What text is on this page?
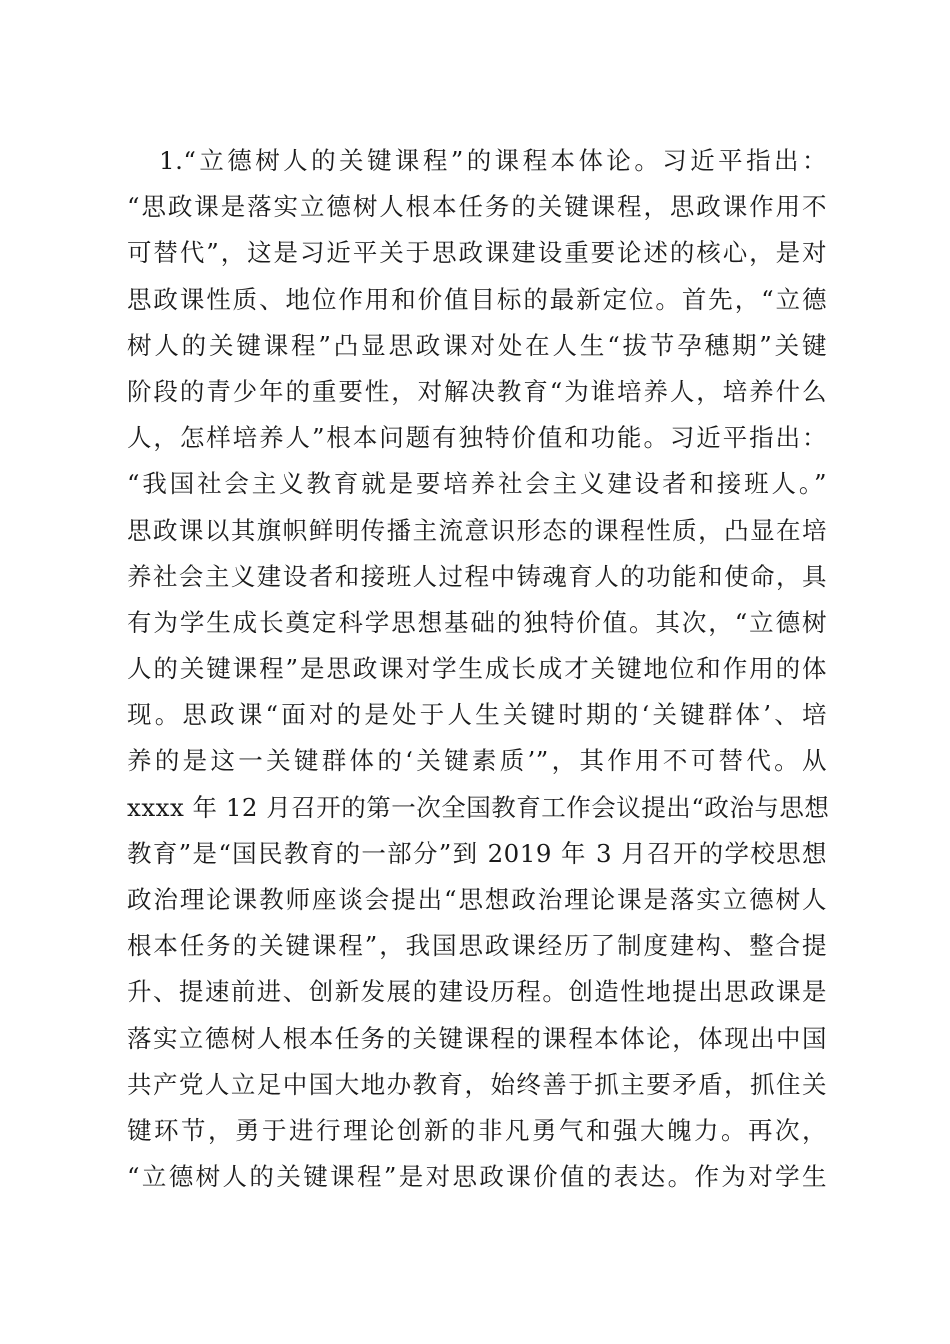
1.“立德树人的关键课程”的课程本体论。习近平指出：
“思政课是落实立德树人根本任务的关键课程，思政课作用不
可替代”，这是习近平关于思政课建设重要论述的核心，是对
思政课性质、地位作用和价值目标的最新定位。首先，“立德
树人的关键课程”凸显思政课对处在人生“拔节孕穗期”关键
阶段的青少年的重要性，对解决教育“为谁培养人，培养什么
人，怎样培养人”根本问题有独特价值和功能。习近平指出：
“我国社会主义教育就是要培养社会主义建设者和接班人。”
思政课以其旗帜鲜明传播主流意识形态的课程性质，凸显在培
养社会主义建设者和接班人过程中铸魂育人的功能和使命，具
有为学生成长奠定科学思想基础的独特价值。其次，“立德树
人的关键课程”是思政课对学生成长成才关键地位和作用的体
现。思政课“面对的是处于人生关键时期的‘关键群体’、培
养的是这一关键群体的‘关键素质’”，其作用不可替代。从
xxxx 年 12 月召开的第一次全国教育工作会议提出“政治与思想
教育”是“国民教育的一部分”到 2019 年 3 月召开的学校思想
政治理论课教师座谈会提出“思想政治理论课是落实立德树人
根本任务的关键课程”，我国思政课经历了制度建构、整合提
升、提速前进、创新发展的建设历程。创造性地提出思政课是
落实立德树人根本任务的关键课程的课程本体论，体现出中国
共产党人立足中国大地办教育，始终善于抓主要矛盾，抓住关
键环节，勇于进行理论创新的非凡勇气和强大魄力。再次，
“立德树人的关键课程”是对思政课价值的表达。作为对学生
